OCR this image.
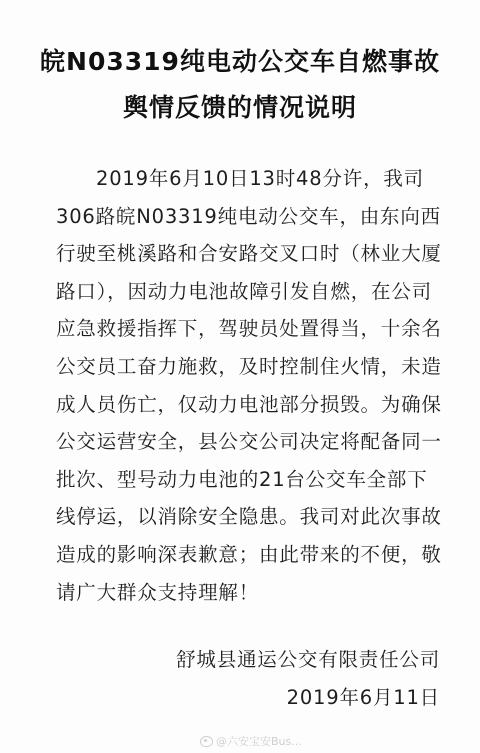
皖N03319纯电动公交车自燃事故
舆情反馈的情况说明
2019年6月10日13时48分许，我司
306路皖N03319纯电动公交车，由东向西
行驶至桃溪路和合安路交叉口时（林业大厦
路口），因动力电池故障引发自燃，在公司
应急救援指挥下，驾驶员处置得当，十余名
公交员工奋力施救，及时控制住火情，未造
成人员伤亡，仅动力电池部分损毁。为确保
公交运营安全，县公交公司决定将配备同一
批次、型号动力电池的21台公交车全部下
线停运，以消除安全隐患。我司对此次事故
造成的影响深表歉意；由此带来的不便，敬
请广大群众支持理解！
舒城县通运公交有限责任公司
2019年6月11日
@六安宝安Bus...
